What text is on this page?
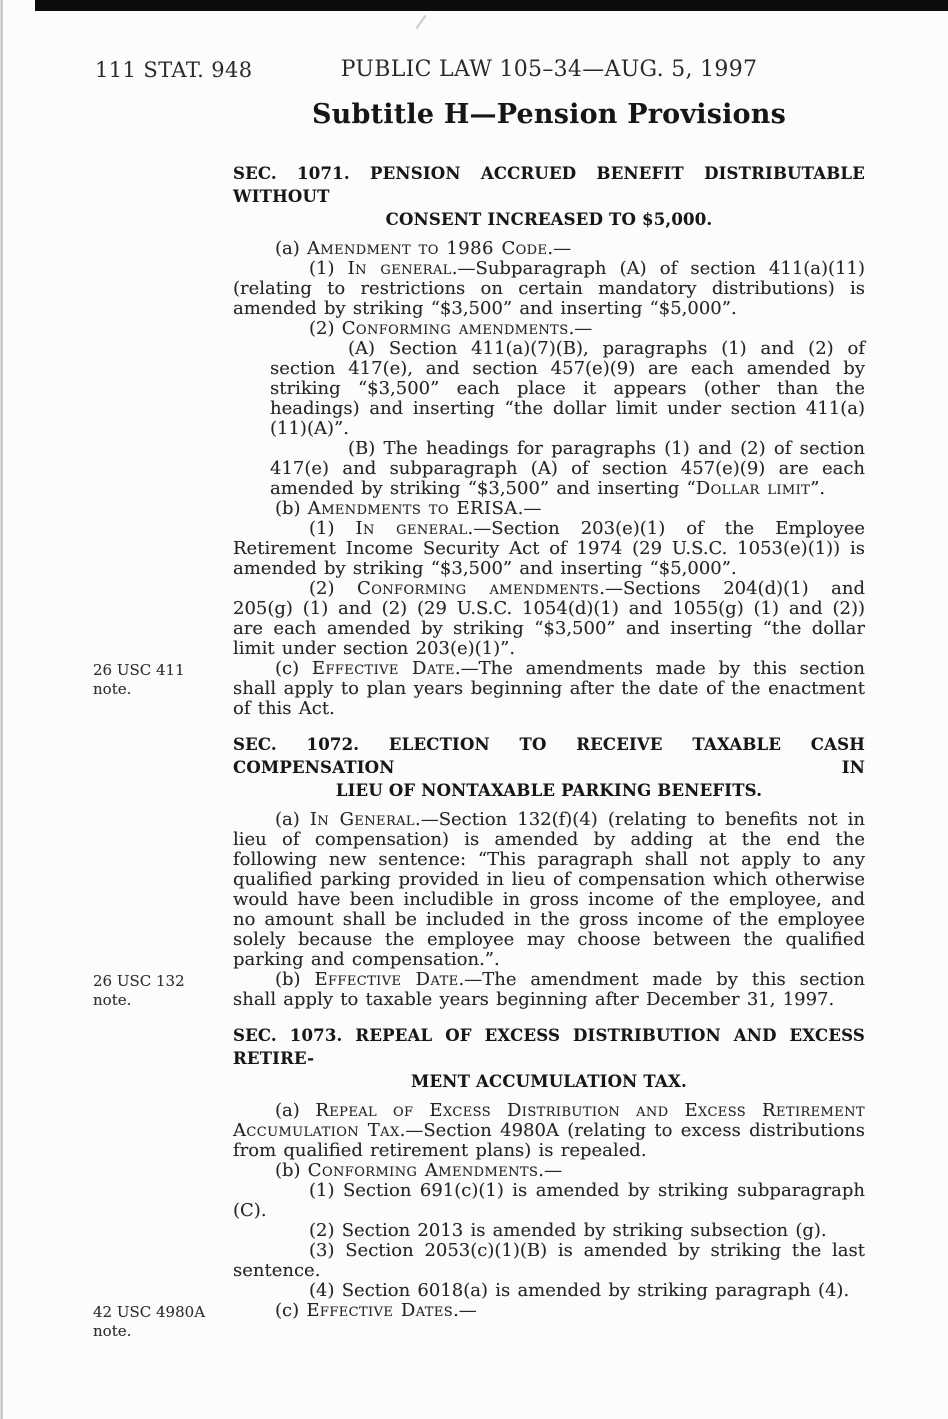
111 STAT. 948	PUBLIC LAW 105–34—AUG. 5, 1997
Subtitle H—Pension Provisions
SEC. 1071. PENSION ACCRUED BENEFIT DISTRIBUTABLE WITHOUT
CONSENT INCREASED TO $5,000.

(a) Amendment to 1986 Code.—

(1) In general.—Subparagraph (A) of section 411(a)(11) (relating to restrictions on certain mandatory distributions) is amended by striking “$3,500” and inserting “$5,000”.

(2) Conforming amendments.—

(A) Section 411(a)(7)(B), paragraphs (1) and (2) of section 417(e), and section 457(e)(9) are each amended by striking “$3,500” each place it appears (other than the headings) and inserting “the dollar limit under section 411(a)(11)(A)”.

(B) The headings for paragraphs (1) and (2) of section 417(e) and subparagraph (A) of section 457(e)(9) are each amended by striking “$3,500” and inserting “Dollar limit”.

(b) Amendments to ERISA.—

(1) In general.—Section 203(e)(1) of the Employee Retirement Income Security Act of 1974 (29 U.S.C. 1053(e)(1)) is amended by striking “$3,500” and inserting “$5,000”.

(2) Conforming amendments.—Sections 204(d)(1) and 205(g) (1) and (2) (29 U.S.C. 1054(d)(1) and 1055(g) (1) and (2)) are each amended by striking “$3,500” and inserting “the dollar limit under section 203(e)(1)”.

26 USC 411 note.
(c) Effective Date.—The amendments made by this section shall apply to plan years beginning after the date of the enactment of this Act.

SEC. 1072. ELECTION TO RECEIVE TAXABLE CASH COMPENSATION IN
LIEU OF NONTAXABLE PARKING BENEFITS.

(a) In General.—Section 132(f)(4) (relating to benefits not in lieu of compensation) is amended by adding at the end the following new sentence: “This paragraph shall not apply to any qualified parking provided in lieu of compensation which otherwise would have been includible in gross income of the employee, and no amount shall be included in the gross income of the employee solely because the employee may choose between the qualified parking and compensation.”.

26 USC 132 note.
(b) Effective Date.—The amendment made by this section shall apply to taxable years beginning after December 31, 1997.

SEC. 1073. REPEAL OF EXCESS DISTRIBUTION AND EXCESS RETIRE-
MENT ACCUMULATION TAX.

(a) Repeal of Excess Distribution and Excess Retirement Accumulation Tax.—Section 4980A (relating to excess distributions from qualified retirement plans) is repealed.

(b) Conforming Amendments.—

(1) Section 691(c)(1) is amended by striking subparagraph (C).

(2) Section 2013 is amended by striking subsection (g).

(3) Section 2053(c)(1)(B) is amended by striking the last sentence.

(4) Section 6018(a) is amended by striking paragraph (4).

42 USC 4980A note.
(c) Effective Dates.—
